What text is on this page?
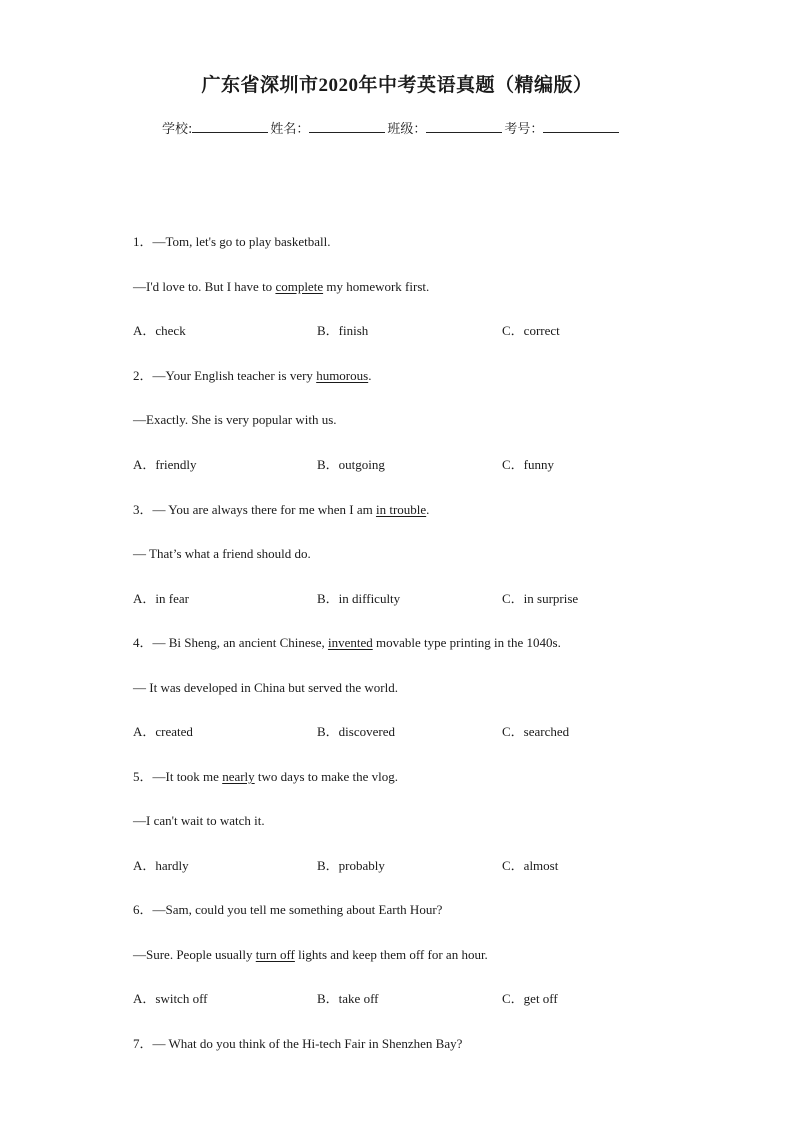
广东省深圳市2020年中考英语真题（精编版）
学校:	姓名：	班级：	考号：
1．—Tom, let's go to play basketball.
—I'd love to. But I have to complete my homework first.
A．check	B．finish	C．correct
2．—Your English teacher is very humorous.
—Exactly. She is very popular with us.
A．friendly	B．outgoing	C．funny
3．— You are always there for me when I am in trouble.
— That’s what a friend should do.
A．in fear	B．in difficulty	C．in surprise
4．— Bi Sheng, an ancient Chinese, invented movable type printing in the 1040s.
— It was developed in China but served the world.
A．created	B．discovered	C．searched
5．—It took me nearly two days to make the vlog.
—I can't wait to watch it.
A．hardly	B．probably	C．almost
6．—Sam, could you tell me something about Earth Hour?
—Sure. People usually turn off lights and keep them off for an hour.
A．switch off	B．take off	C．get off
7．— What do you think of the Hi-tech Fair in Shenzhen Bay?
